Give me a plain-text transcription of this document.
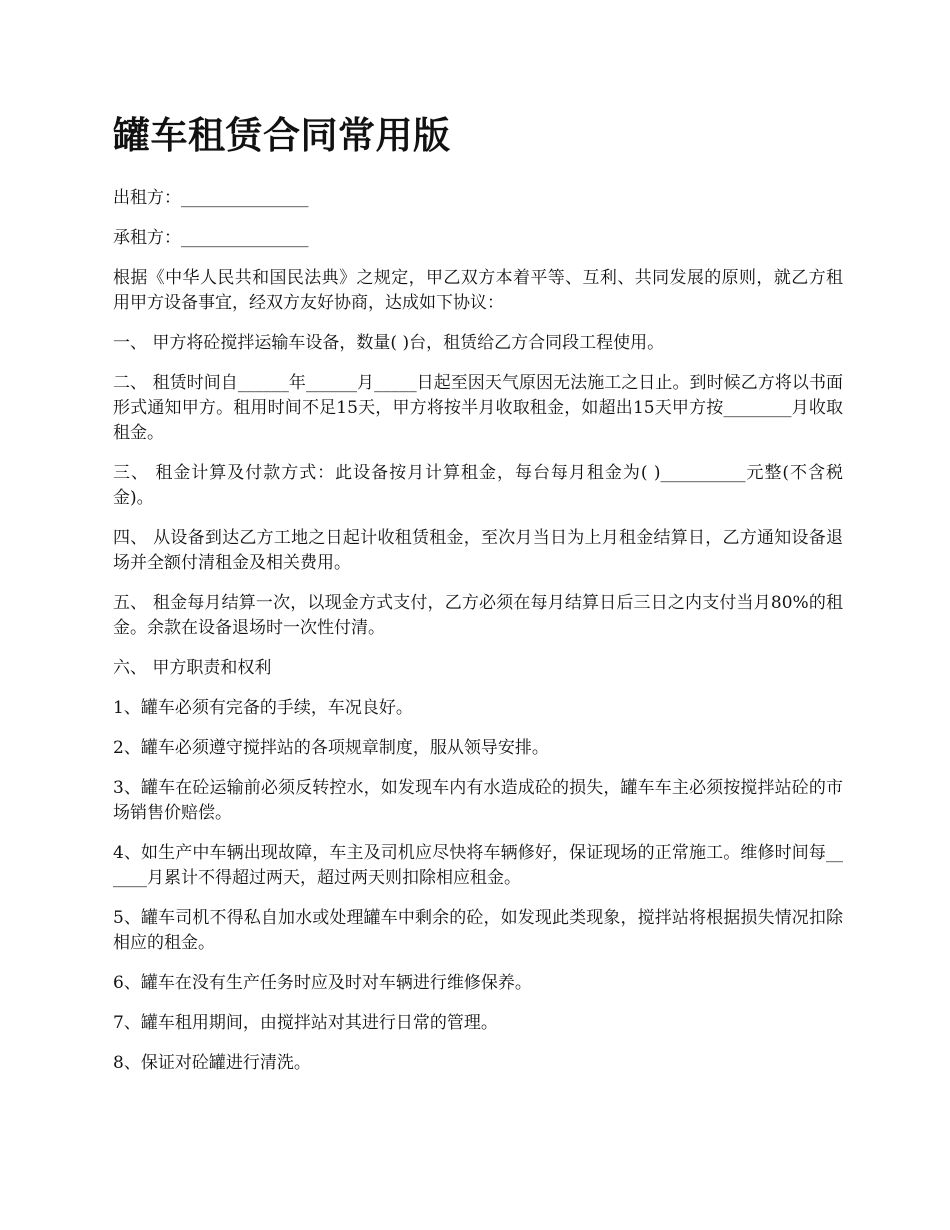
罐车租赁合同常用版

出租方：_______________

承租方：_______________

根据《中华人民共和国民法典》之规定，甲乙双方本着平等、互利、共同发展的原则，就乙方租用甲方设备事宜，经双方友好协商，达成如下协议：

一、 甲方将砼搅拌运输车设备，数量( )台，租赁给乙方合同段工程使用。

二、 租赁时间自______年______月_____日起至因天气原因无法施工之日止。到时候乙方将以书面形式通知甲方。租用时间不足15天，甲方将按半月收取租金，如超出15天甲方按________月收取租金。

三、 租金计算及付款方式：此设备按月计算租金，每台每月租金为( )__________元整(不含税金)。

四、 从设备到达乙方工地之日起计收租赁租金，至次月当日为上月租金结算日，乙方通知设备退场并全额付清租金及相关费用。

五、 租金每月结算一次，以现金方式支付，乙方必须在每月结算日后三日之内支付当月80%的租金。余款在设备退场时一次性付清。

六、 甲方职责和权利

1、罐车必须有完备的手续，车况良好。

2、罐车必须遵守搅拌站的各项规章制度，服从领导安排。

3、罐车在砼运输前必须反转控水，如发现车内有水造成砼的损失，罐车车主必须按搅拌站砼的市场销售价赔偿。

4、如生产中车辆出现故障，车主及司机应尽快将车辆修好，保证现场的正常施工。维修时间每______月累计不得超过两天，超过两天则扣除相应租金。

5、罐车司机不得私自加水或处理罐车中剩余的砼，如发现此类现象，搅拌站将根据损失情况扣除相应的租金。

6、罐车在没有生产任务时应及时对车辆进行维修保养。

7、罐车租用期间，由搅拌站对其进行日常的管理。

8、保证对砼罐进行清洗。
